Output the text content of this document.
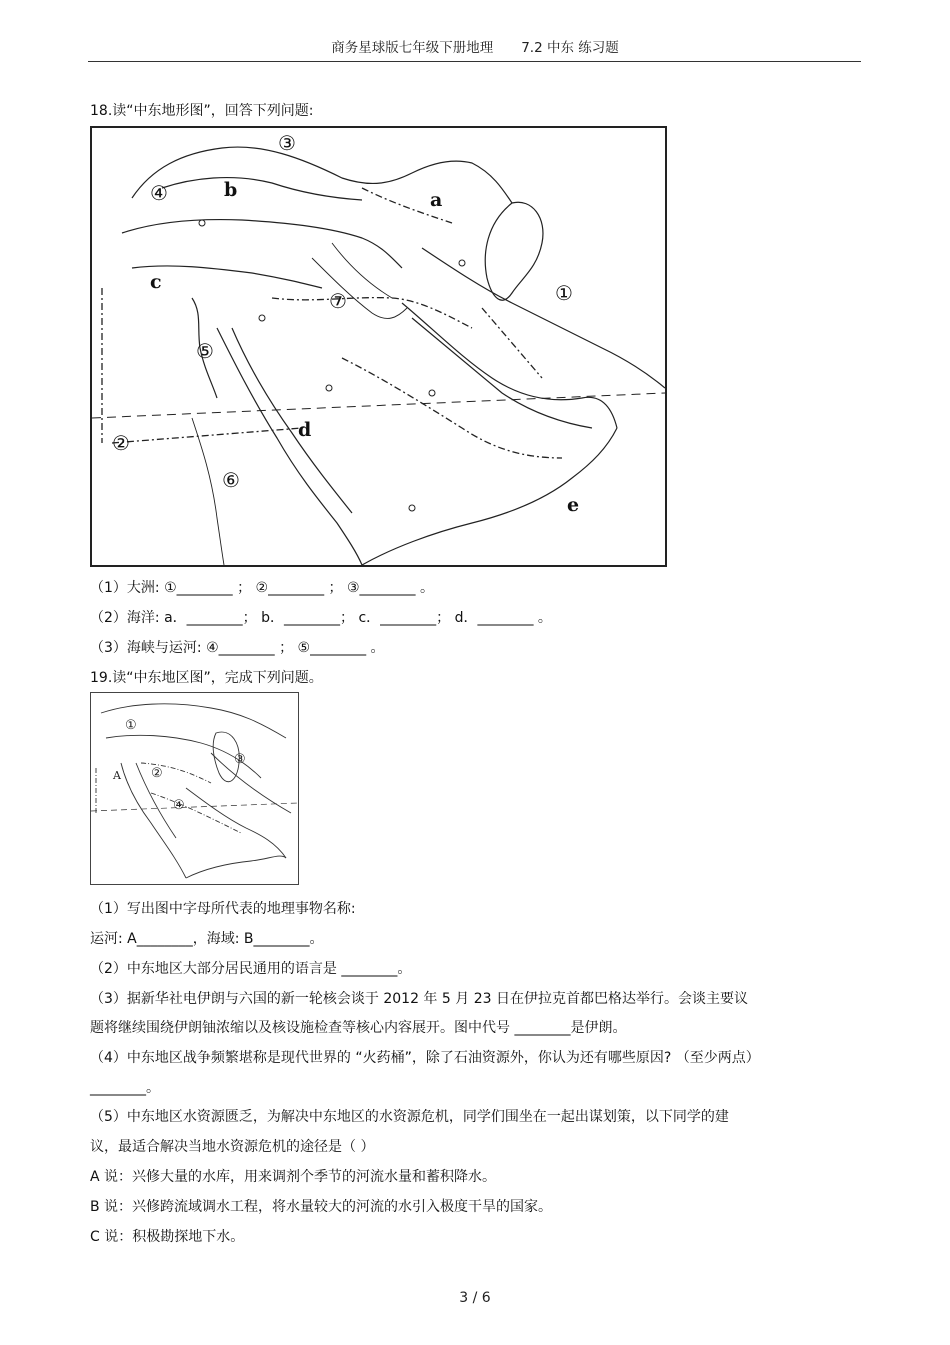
商务星球版七年级下册地理 7.2 中东 练习题
18.读“中东地形图”，回答下列问题:
③
④
①
⑦
⑤
②
⑥
b	a
c
d
e
（1）大洲: ①________ ； ②________ ； ③________ 。
（2）海洋: a．________； b．________； c．________； d．________ 。
（3）海峡与运河: ④________ ； ⑤________ 。
19.读“中东地区图”，完成下列问题。
①
③
④
②
A
（1）写出图中字母所代表的地理事物名称:
运河: A________，海域: B________。
（2）中东地区大部分居民通用的语言是 ________。
（3）据新华社电伊朗与六国的新一轮核会谈于 2012 年 5 月 23 日在伊拉克首都巴格达举行。会谈主要议
题将继续围绕伊朗铀浓缩以及核设施检查等核心内容展开。图中代号 ________是伊朗。
（4）中东地区战争频繁堪称是现代世界的 “火药桶”，除了石油资源外，你认为还有哪些原因? （至少两点）
________。
（5）中东地区水资源匮乏，为解决中东地区的水资源危机，同学们围坐在一起出谋划策，以下同学的建
议，最适合解决当地水资源危机的途径是（ ）
A 说：兴修大量的水库，用来调剂个季节的河流水量和蓄积降水。
B 说：兴修跨流域调水工程，将水量较大的河流的水引入极度干旱的国家。
C 说：积极勘探地下水。
3 / 6
